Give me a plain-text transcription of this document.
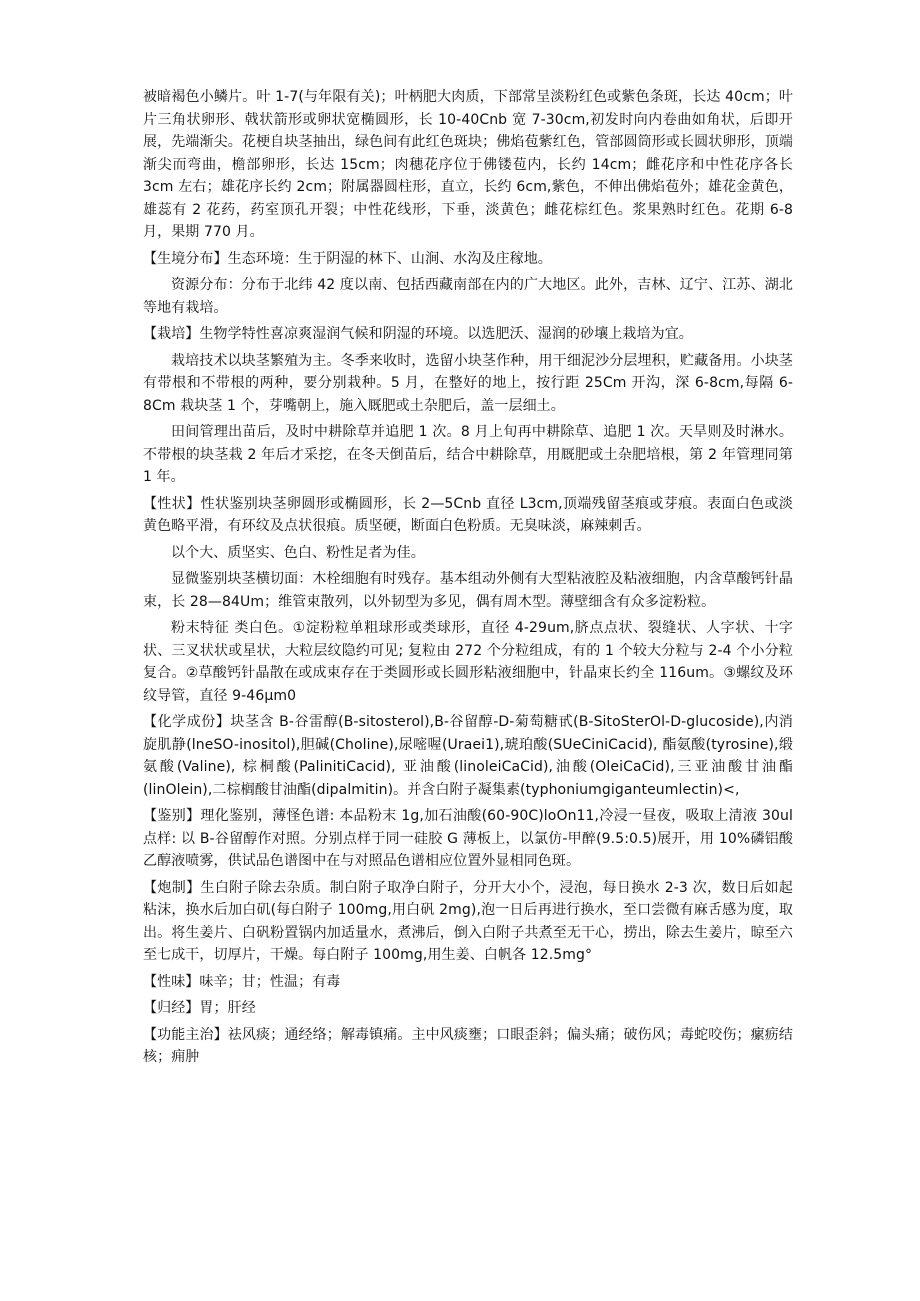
被暗褐色小鳞片。叶 1-7(与年限有关)；叶柄肥大肉质，下部常呈淡粉红色或紫色条斑，长达 40cm；叶片三角状卵形、戟状箭形或卵状宽椭圆形，长 10-40Cnb 宽 7-30cm,初发时向内卷曲如角状，后即开展，先端渐尖。花梗自块茎抽出，绿色间有此红色斑块；佛焰苞紫红色，管部圆筒形或长圆状卵形，顶端渐尖而弯曲，檐部卵形，长达 15cm；肉穗花序位于佛镂苞内，长约 14cm；雌花序和中性花序各长 3cm 左右；雄花序长约 2cm；附属器圆柱形，直立，长约 6cm,紫色，不伸出佛焰苞外；雄花金黄色，雄蕊有 2 花药，药室顶孔开裂；中性花线形，下垂，淡黄色；雌花棕红色。浆果熟时红色。花期 6-8 月，果期 770 月。

【生境分布】生态环境：生于阴湿的林下、山涧、水沟及庄稼地。

资源分布：分布于北纬 42 度以南、包括西藏南部在内的广大地区。此外，吉林、辽宁、江苏、湖北等地有栽培。

【栽培】生物学特性喜凉爽湿润气候和阴湿的环境。以选肥沃、湿润的砂壤上栽培为宜。

栽培技术以块茎繁殖为主。冬季来收时，选留小块茎作种，用干细泥沙分层埋积，贮藏备用。小块茎有带根和不带根的两种，要分别栽种。5 月，在整好的地上，按行距 25Cm 开沟，深 6-8cm,每隔 6-8Cm 栽块茎 1 个，芽嘴朝上，施入厩肥或土杂肥后，盖一层细土。

田间管理出苗后，及时中耕除草并追肥 1 次。8 月上旬再中耕除草、追肥 1 次。天旱则及时淋水。不带根的块茎栽 2 年后才采挖，在冬天倒苗后，结合中耕除草，用厩肥或土杂肥培根，第 2 年管理同第 1 年。

【性状】性状鉴别块茎卵圆形或椭圆形，长 2—5Cnb 直径 L3cm,顶端残留茎痕或芽痕。表面白色或淡黄色略平滑，有环纹及点状很痕。质坚硬，断面白色粉质。无臭味淡，麻辣刺舌。

以个大、质坚实、色白、粉性足者为佳。

显微鉴别块茎横切面：木栓细胞有时残存。基本组动外侧有大型粘液腔及粘液细胞，内含草酸钙针晶束，长 28—84Um；维管束散列，以外韧型为多见，偶有周木型。薄壁细含有众多淀粉粒。

粉末特征 类白色。①淀粉粒单粗球形或类球形，直径 4-29um,脐点点状、裂缝状、人字状、十字状、三叉状状或星状，大粒层纹隐约可见; 复粒由 272 个分粒组成，有的 1 个较大分粒与 2-4 个小分粒复合。②草酸钙针晶散在或成束存在于类圆形或长圆形粘液细胞中，针晶束长约全 116um。③螺纹及环纹导管，直径 9-46μm0

【化学成份】块茎含 B-谷雷醇(B-sitosterol),B-谷留醇-D-菊萄糖甙(B-SitoSterOl-D-glucoside),内消旋肌静(lneSO-inositol),胆碱(Choline),尿嘧喔(Uraei1),琥珀酸(SUeCiniCacid), 酯氨酸(tyrosine),缎氨酸(Valine), 棕桐酸(PalinitiCacid), 亚油酸(linoleiCaCid),油酸(OleiCaCid),三亚油酸甘油酯(linOlein),二棕榈酸甘油酯(dipalmitin)。并含白附子凝集素(typhoniumgiganteumlectin)<,

【鉴别】理化鉴别，薄怪色谱: 本品粉末 1g,加石油酸(60-90C)loOn11,冷浸一昼夜，吸取上清液 30ul 点样: 以 B-谷留醇作对照。分别点样于同一硅胶 G 薄板上，以氯仿-甲醉(9.5:0.5)展开，用 10%磷铝酸乙醇液喷雾，供试品色谱图中在与对照品色谱相应位置外显相同色斑。

【炮制】生白附子除去杂质。制白附子取净白附子，分开大小个，浸泡，每日换水 2-3 次，数日后如起粘沫，换水后加白矶(每白附子 100mg,用白矾 2mg),泡一日后再进行换水，至口尝微有麻舌感为度，取出。将生姜片、白矾粉置锅内加适量水，煮沸后，倒入白附子共煮至无干心，捞出，除去生姜片，晾至六至七成干，切厚片，干燥。每白附子 100mg,用生姜、白帆各 12.5mg°

【性味】味辛；甘；性温；有毒

【归经】胃；肝经

【功能主治】祛风痰；通经络；解毒镇痛。主中风痰壅；口眼歪斜；偏头痛；破伤风；毒蛇咬伤；瘰疬结核；痈肿
